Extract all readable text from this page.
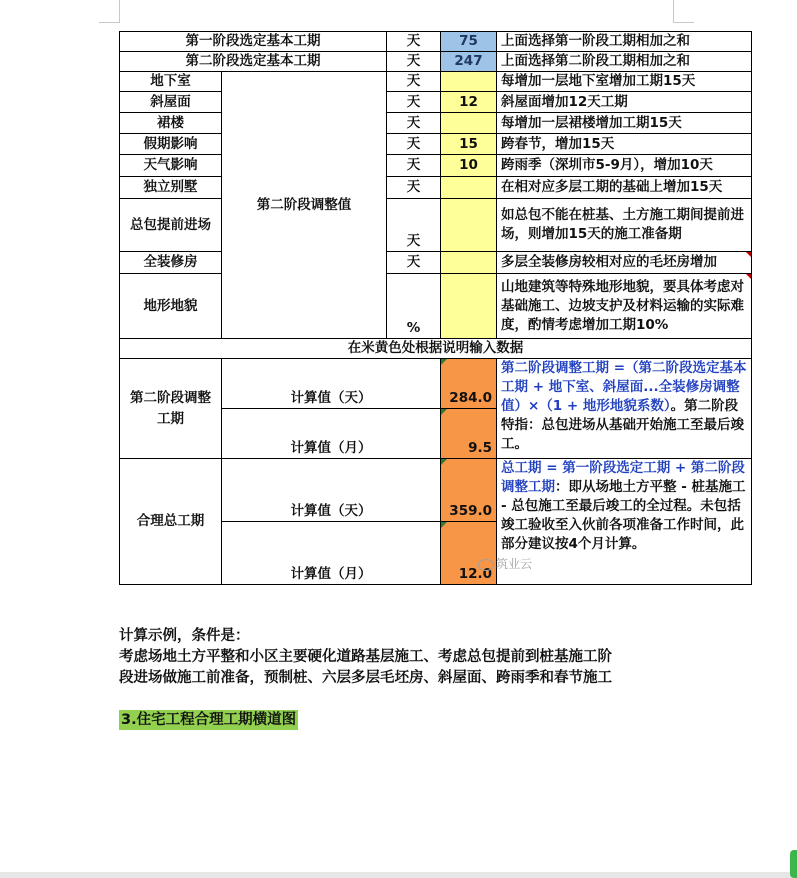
第一阶段选定基本工期		天	75	上面选择第一阶段工期相加之和
第二阶段选定基本工期		天	247	上面选择第二阶段工期相加之和
地下室	第二阶段调整值	天		每增加一层地下室增加工期15天
斜屋面		天	12	斜屋面增加12天工期
裙楼		天		每增加一层裙楼增加工期15天
假期影响		天	15	跨春节，增加15天
天气影响		天	10	跨雨季（深圳市5-9月），增加10天
独立别墅		天		在相对应多层工期的基础上增加15天
总包提前进场		天		如总包不能在桩基、土方施工期间提前进场，则增加15天的施工准备期
全装修房		天		多层全装修房较相对应的毛坯房增加
地形地貌		%		山地建筑等特殊地形地貌，要具体考虑对基础施工、边坡支护及材料运输的实际难度，酌情考虑增加工期10%
在米黄色处根据说明输入数据				
第二阶段调整工期	计算值（天）		284.0	第二阶段调整工期 =（第二阶段选定基本工期 + 地下室、斜屋面...全装修房调整值）×（1 + 地形地貌系数）。第二阶段特指：总包进场从基础开始施工至最后竣工。
	计算值（月）		9.5	
合理总工期	计算值（天）		359.0	总工期 = 第一阶段选定工期 + 第二阶段调整工期：即从场地土方平整 - 桩基施工 - 总包施工至最后竣工的全过程。未包括竣工验收至入伙前各项准备工作时间，此部分建议按4个月计算。
	计算值（月）		12.0	
筑业云

计算示例，条件是：

考虑场地土方平整和小区主要硬化道路基层施工、考虑总包提前到桩基施工阶

段进场做施工前准备，预制桩、六层多层毛坯房、斜屋面、跨雨季和春节施工

3.住宅工程合理工期横道图
